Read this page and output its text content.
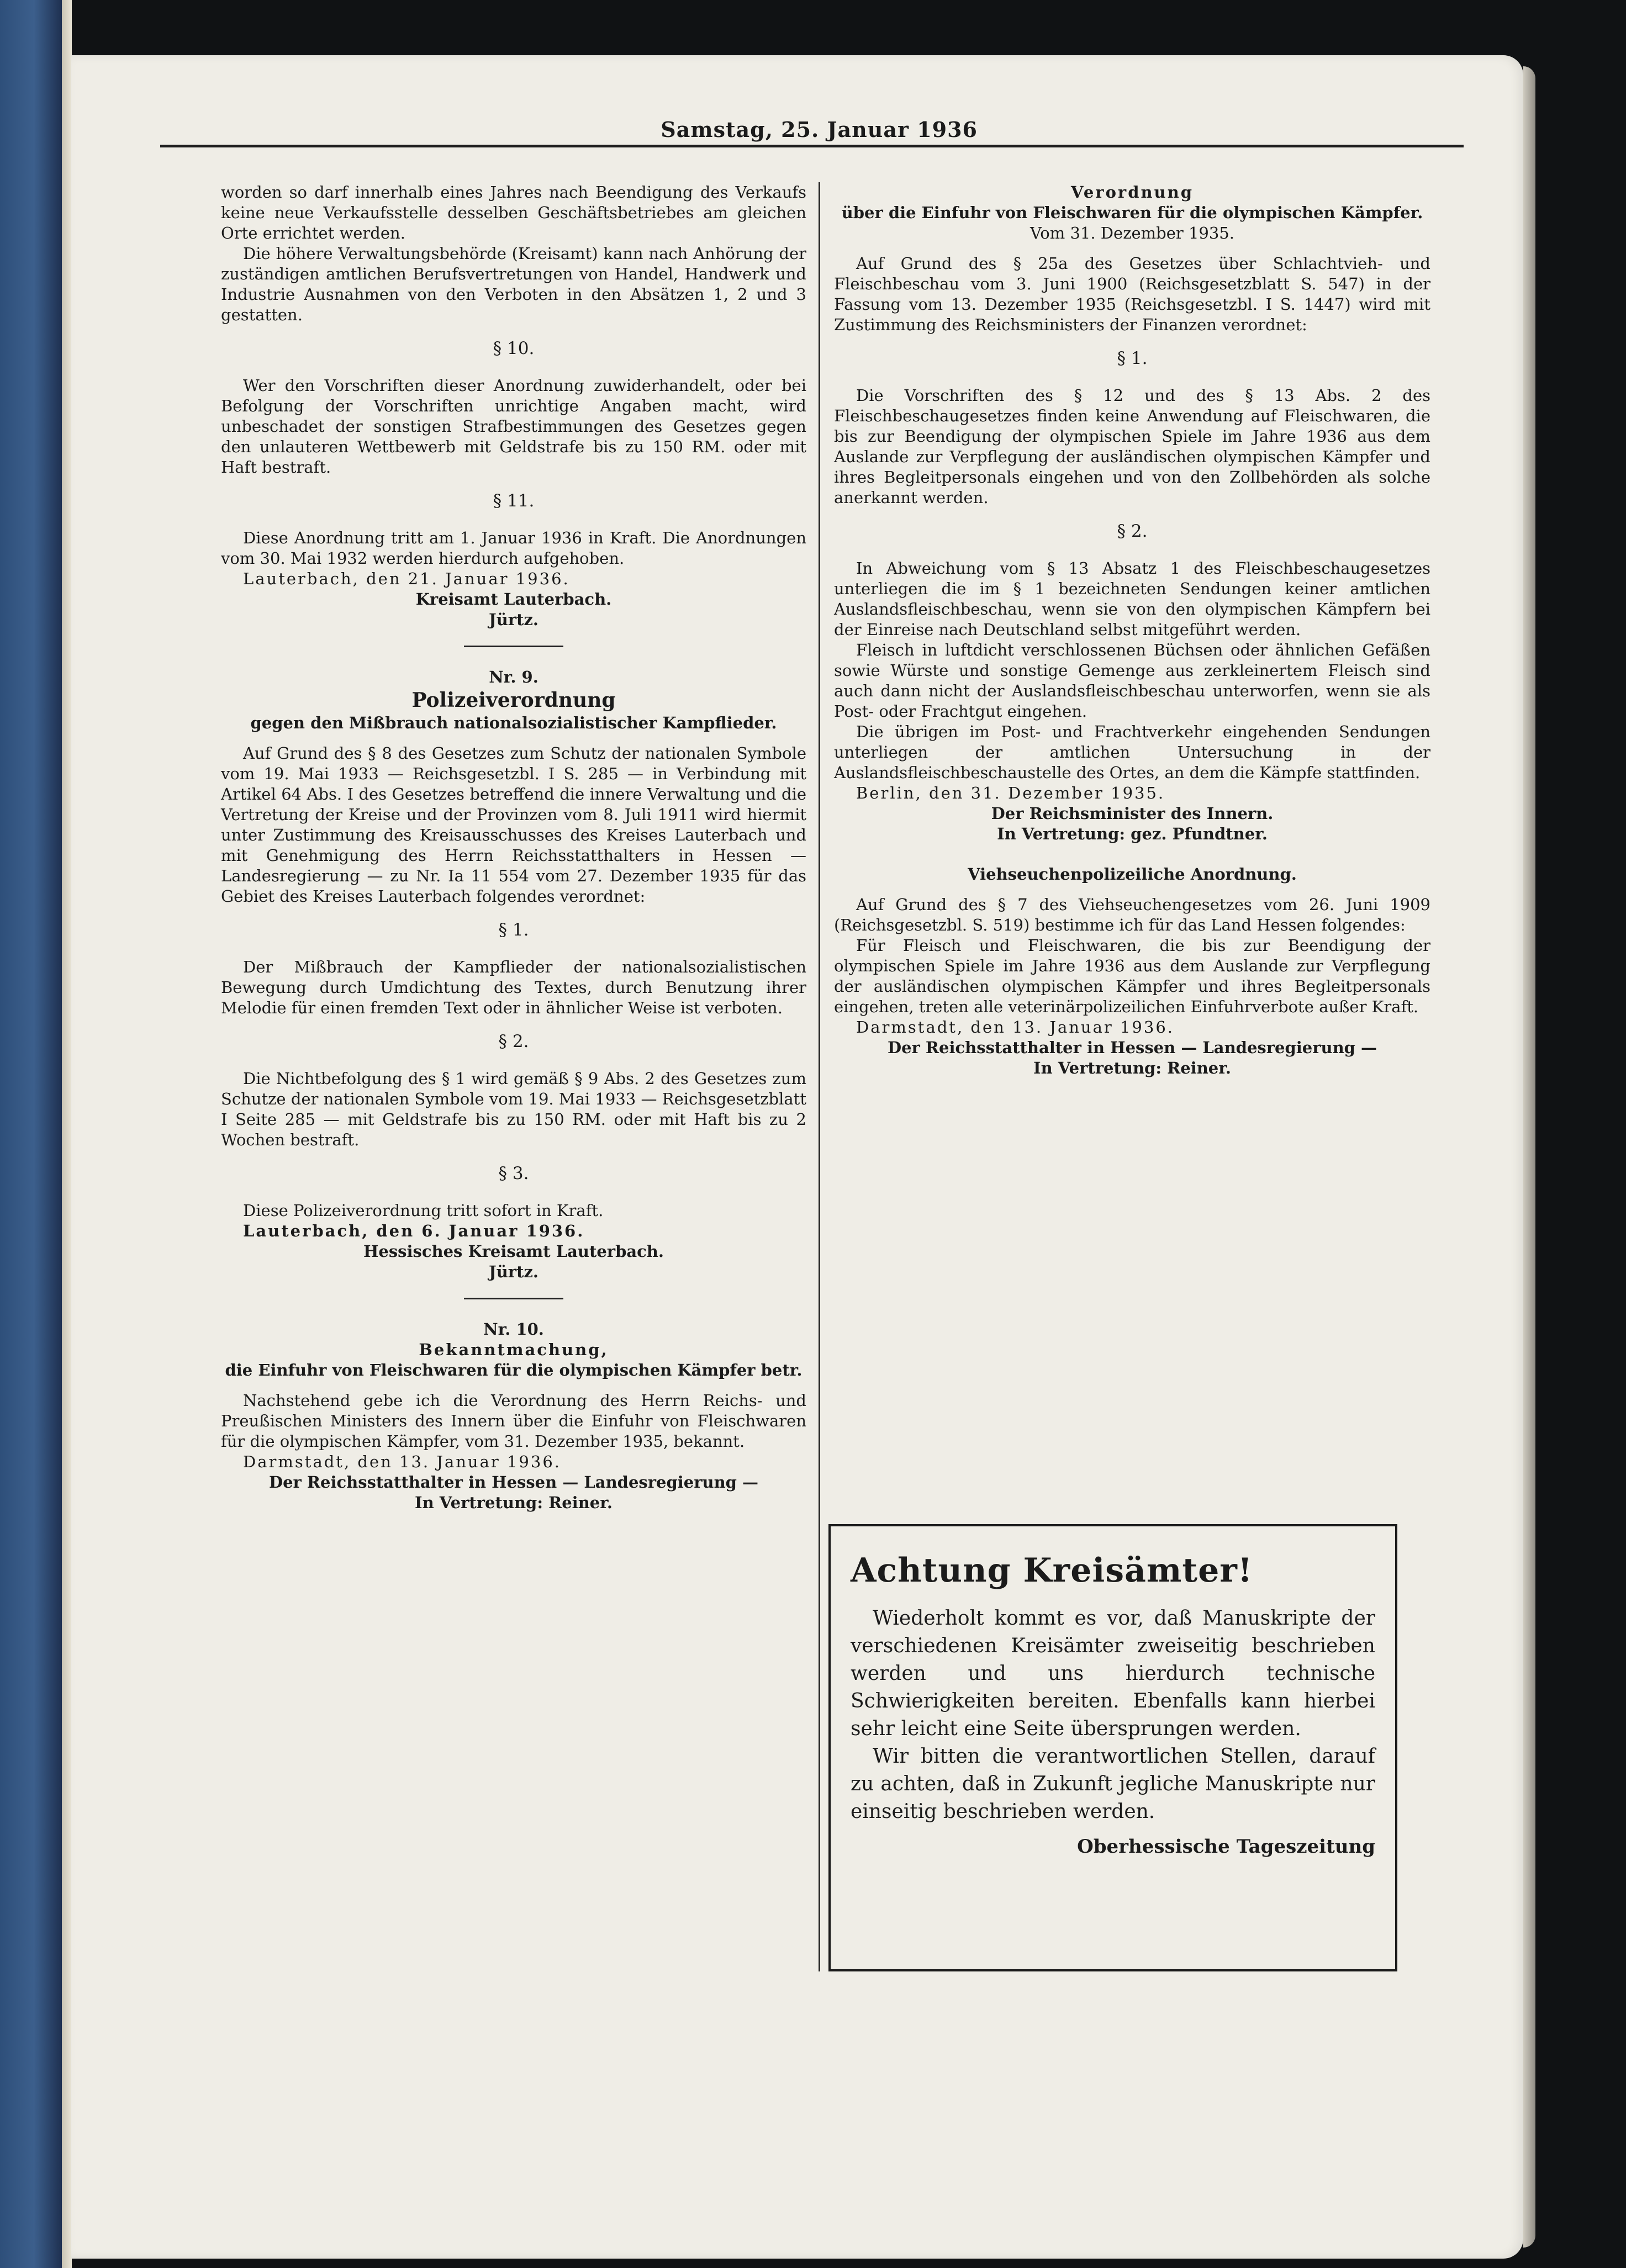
Samstag, 25. Januar 1936

worden so darf innerhalb eines Jahres nach Beendigung des Verkaufs keine neue Verkaufsstelle desselben Geschäftsbetriebes am gleichen Orte errichtet werden.

Die höhere Verwaltungsbehörde (Kreisamt) kann nach Anhörung der zuständigen amtlichen Berufsvertretungen von Handel, Handwerk und Industrie Ausnahmen von den Verboten in den Absätzen 1, 2 und 3 gestatten.

§ 10.

Wer den Vorschriften dieser Anordnung zuwiderhandelt, oder bei Befolgung der Vorschriften unrichtige Angaben macht, wird unbeschadet der sonstigen Strafbestimmungen des Gesetzes gegen den unlauteren Wettbewerb mit Geldstrafe bis zu 150 RM. oder mit Haft bestraft.

§ 11.

Diese Anordnung tritt am 1. Januar 1936 in Kraft. Die Anordnungen vom 30. Mai 1932 werden hierdurch aufgehoben.

Lauterbach, den 21. Januar 1936.

Kreisamt Lauterbach.

Jürtz.

Nr. 9.

Polizeiverordnung

gegen den Mißbrauch nationalsozialistischer Kampflieder.

Auf Grund des § 8 des Gesetzes zum Schutz der nationalen Symbole vom 19. Mai 1933 — Reichsgesetzbl. I S. 285 — in Verbindung mit Artikel 64 Abs. I des Gesetzes betreffend die innere Verwaltung und die Vertretung der Kreise und der Provinzen vom 8. Juli 1911 wird hiermit unter Zustimmung des Kreisausschusses des Kreises Lauterbach und mit Genehmigung des Herrn Reichsstatthalters in Hessen — Landesregierung — zu Nr. Ia 11 554 vom 27. Dezember 1935 für das Gebiet des Kreises Lauterbach folgendes verordnet:

§ 1.

Der Mißbrauch der Kampflieder der nationalsozialistischen Bewegung durch Umdichtung des Textes, durch Benutzung ihrer Melodie für einen fremden Text oder in ähnlicher Weise ist verboten.

§ 2.

Die Nichtbefolgung des § 1 wird gemäß § 9 Abs. 2 des Gesetzes zum Schutze der nationalen Symbole vom 19. Mai 1933 — Reichsgesetzblatt I Seite 285 — mit Geldstrafe bis zu 150 RM. oder mit Haft bis zu 2 Wochen bestraft.

§ 3.

Diese Polizeiverordnung tritt sofort in Kraft.

Lauterbach, den 6. Januar 1936.

Hessisches Kreisamt Lauterbach.

Jürtz.

Nr. 10.

Bekanntmachung,

die Einfuhr von Fleischwaren für die olympischen Kämpfer betr.

Nachstehend gebe ich die Verordnung des Herrn Reichs- und Preußischen Ministers des Innern über die Einfuhr von Fleischwaren für die olympischen Kämpfer, vom 31. Dezember 1935, bekannt.

Darmstadt, den 13. Januar 1936.

Der Reichsstatthalter in Hessen — Landesregierung —

In Vertretung: Reiner.

Verordnung

über die Einfuhr von Fleischwaren für die olympischen Kämpfer.

Vom 31. Dezember 1935.

Auf Grund des § 25a des Gesetzes über Schlachtvieh- und Fleischbeschau vom 3. Juni 1900 (Reichsgesetzblatt S. 547) in der Fassung vom 13. Dezember 1935 (Reichsgesetzbl. I S. 1447) wird mit Zustimmung des Reichsministers der Finanzen verordnet:

§ 1.

Die Vorschriften des § 12 und des § 13 Abs. 2 des Fleischbeschaugesetzes finden keine Anwendung auf Fleischwaren, die bis zur Beendigung der olympischen Spiele im Jahre 1936 aus dem Auslande zur Verpflegung der ausländischen olympischen Kämpfer und ihres Begleitpersonals eingehen und von den Zollbehörden als solche anerkannt werden.

§ 2.

In Abweichung vom § 13 Absatz 1 des Fleischbeschaugesetzes unterliegen die im § 1 bezeichneten Sendungen keiner amtlichen Auslandsfleischbeschau, wenn sie von den olympischen Kämpfern bei der Einreise nach Deutschland selbst mitgeführt werden.

Fleisch in luftdicht verschlossenen Büchsen oder ähnlichen Gefäßen sowie Würste und sonstige Gemenge aus zerkleinertem Fleisch sind auch dann nicht der Auslandsfleischbeschau unterworfen, wenn sie als Post- oder Frachtgut eingehen.

Die übrigen im Post- und Frachtverkehr eingehenden Sendungen unterliegen der amtlichen Untersuchung in der Auslandsfleischbeschaustelle des Ortes, an dem die Kämpfe stattfinden.

Berlin, den 31. Dezember 1935.

Der Reichsminister des Innern.

In Vertretung: gez. Pfundtner.

Viehseuchenpolizeiliche Anordnung.

Auf Grund des § 7 des Viehseuchengesetzes vom 26. Juni 1909 (Reichsgesetzbl. S. 519) bestimme ich für das Land Hessen folgendes:

Für Fleisch und Fleischwaren, die bis zur Beendigung der olympischen Spiele im Jahre 1936 aus dem Auslande zur Verpflegung der ausländischen olympischen Kämpfer und ihres Begleitpersonals eingehen, treten alle veterinärpolizeilichen Einfuhrverbote außer Kraft.

Darmstadt, den 13. Januar 1936.

Der Reichsstatthalter in Hessen — Landesregierung —

In Vertretung: Reiner.

Achtung Kreisämter!

Wiederholt kommt es vor, daß Manuskripte der verschiedenen Kreisämter zweiseitig beschrieben werden und uns hierdurch technische Schwierigkeiten bereiten. Ebenfalls kann hierbei sehr leicht eine Seite übersprungen werden.

Wir bitten die verantwortlichen Stellen, darauf zu achten, daß in Zukunft jegliche Manuskripte nur einseitig beschrieben werden.

Oberhessische Tageszeitung
